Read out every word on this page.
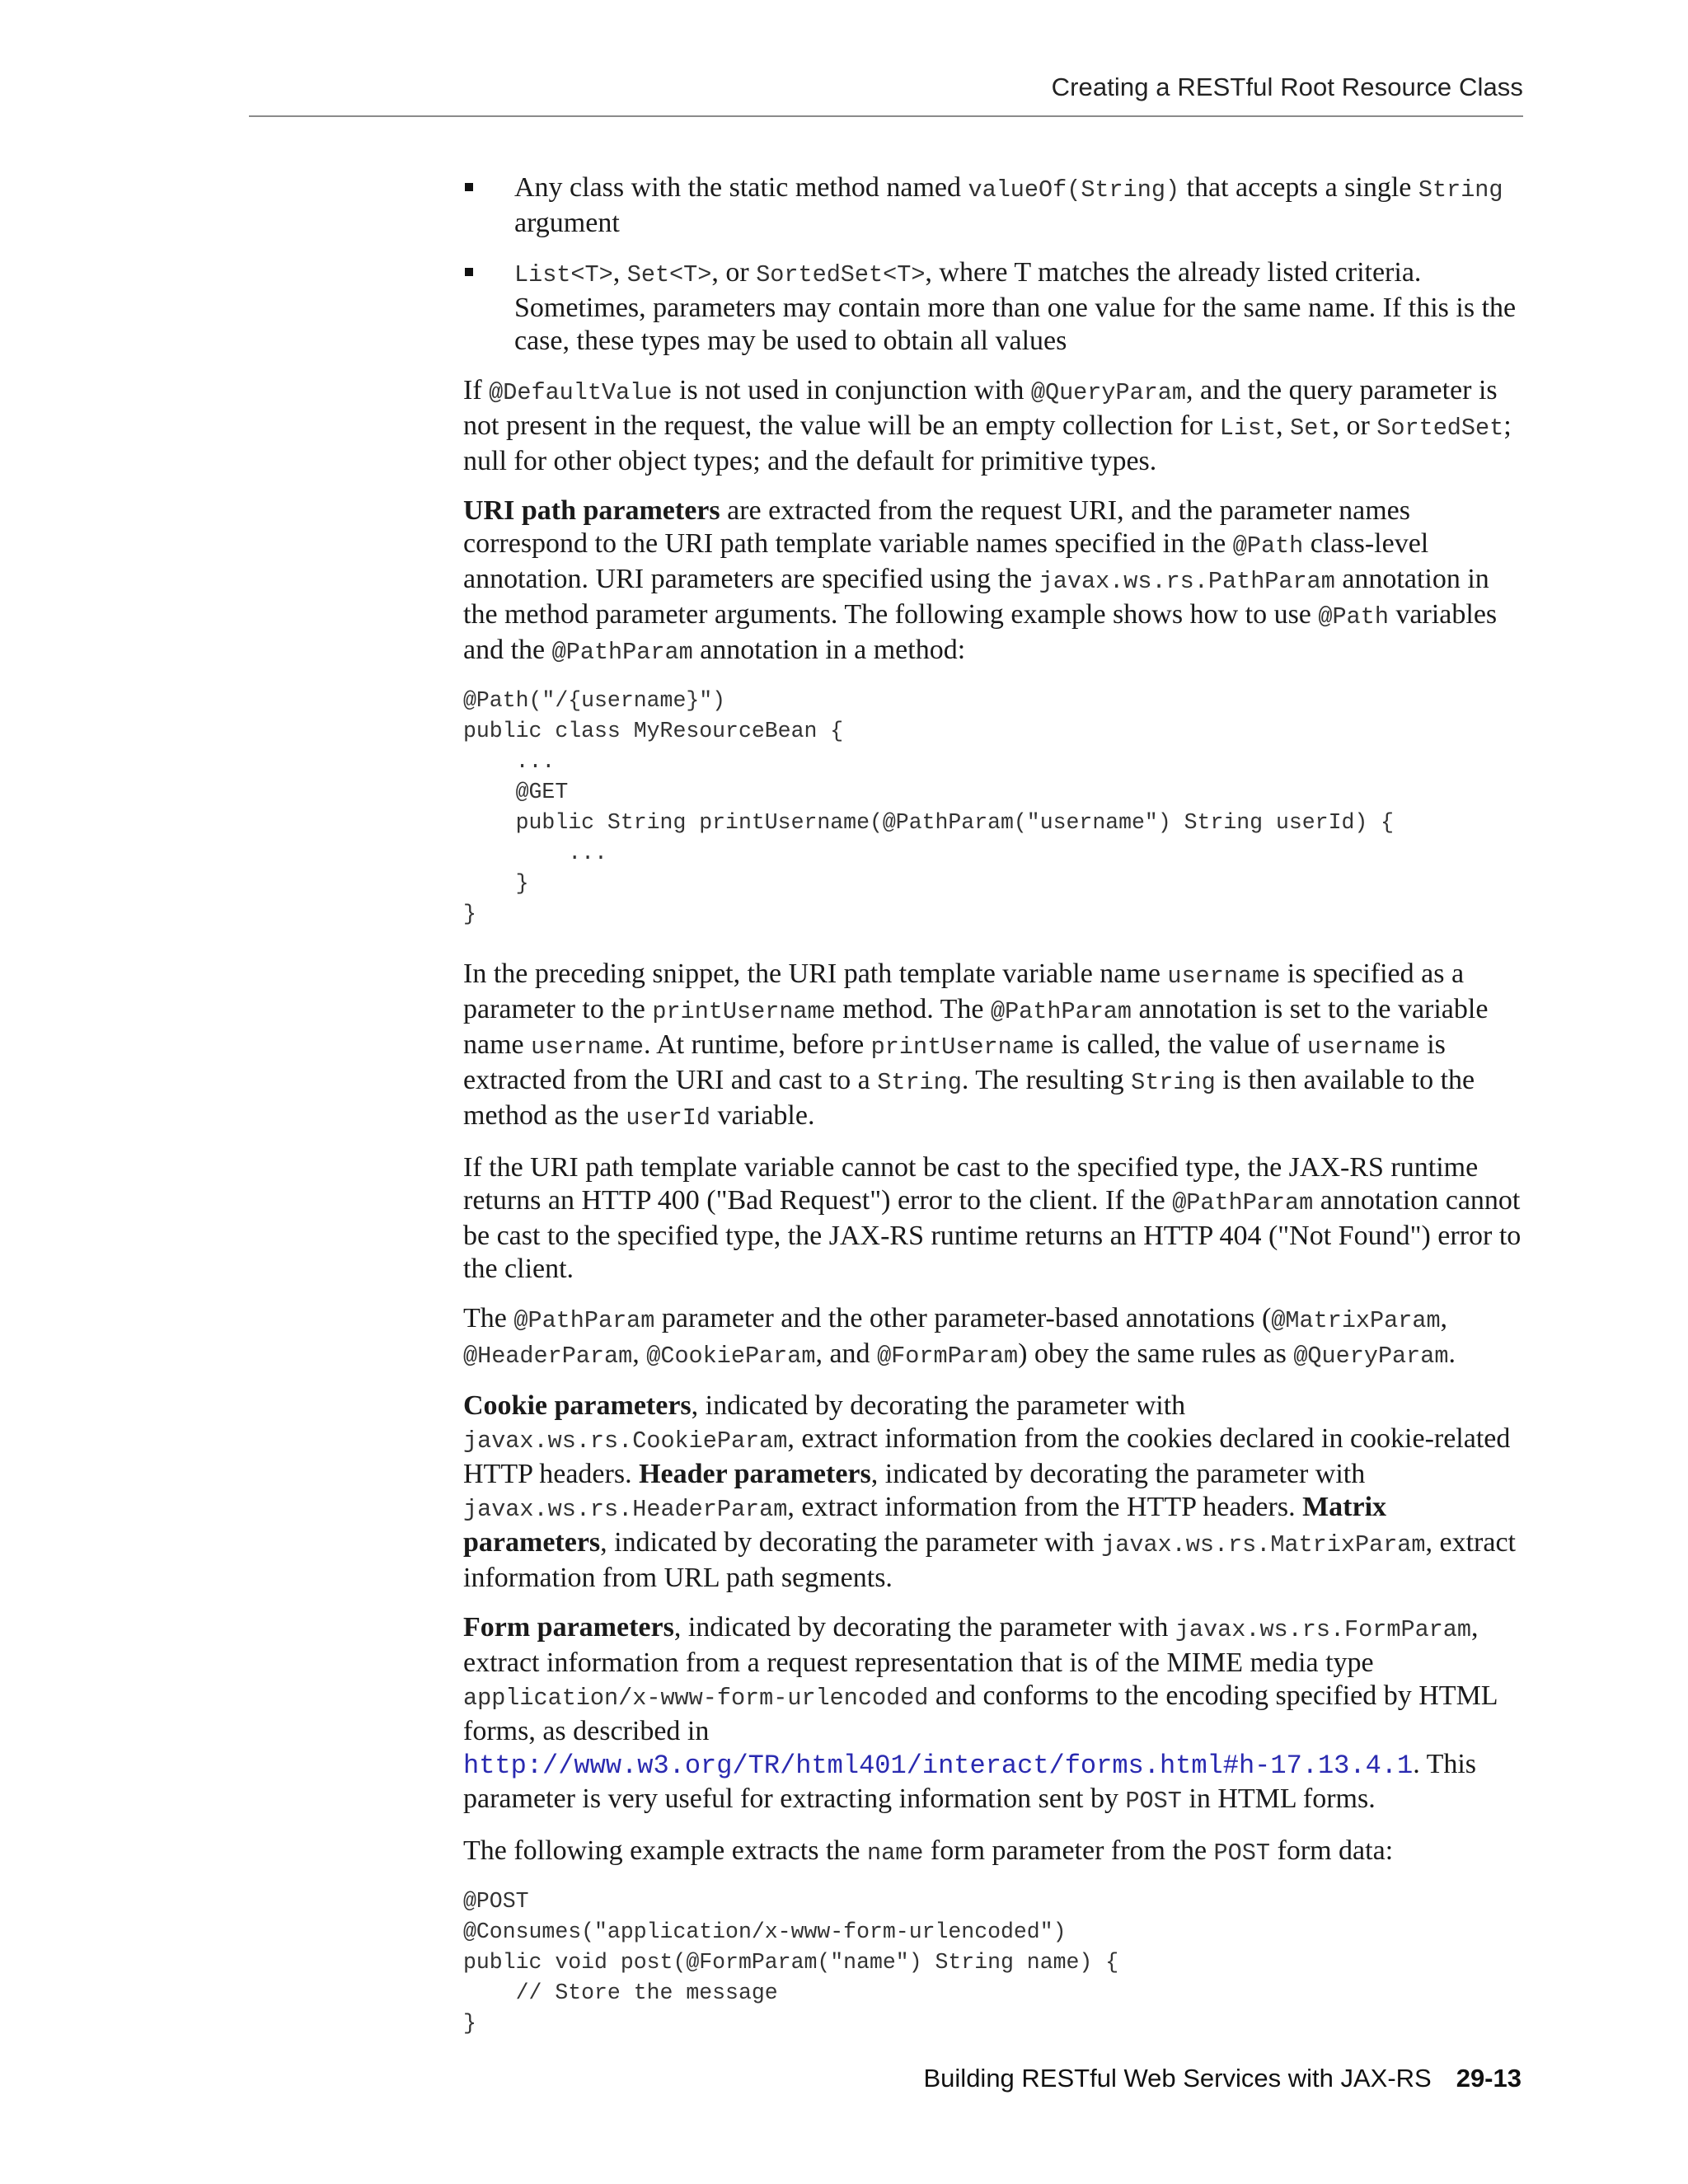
Creating a RESTful Root Resource Class
Any class with the static method named valueOf(String) that accepts a single String argument
List<T>, Set<T>, or SortedSet<T>, where T matches the already listed criteria. Sometimes, parameters may contain more than one value for the same name. If this is the case, these types may be used to obtain all values

If @DefaultValue is not used in conjunction with @QueryParam, and the query parameter is not present in the request, the value will be an empty collection for List, Set, or SortedSet; null for other object types; and the default for primitive types.

URI path parameters are extracted from the request URI, and the parameter names correspond to the URI path template variable names specified in the @Path class-level annotation. URI parameters are specified using the javax.ws.rs.PathParam annotation in the method parameter arguments. The following example shows how to use @Path variables and the @PathParam annotation in a method:

@Path("/{username}")
public class MyResourceBean {
...
@GET
public String printUsername(@PathParam("username") String userId) {
...
}
}

In the preceding snippet, the URI path template variable name username is specified as a parameter to the printUsername method. The @PathParam annotation is set to the variable name username. At runtime, before printUsername is called, the value of username is extracted from the URI and cast to a String. The resulting String is then available to the method as the userId variable.

If the URI path template variable cannot be cast to the specified type, the JAX-RS runtime returns an HTTP 400 ("Bad Request") error to the client. If the @PathParam annotation cannot be cast to the specified type, the JAX-RS runtime returns an HTTP 404 ("Not Found") error to the client.

The @PathParam parameter and the other parameter-based annotations (@MatrixParam, @HeaderParam, @CookieParam, and @FormParam) obey the same rules as @QueryParam.

Cookie parameters, indicated by decorating the parameter with javax.ws.rs.CookieParam, extract information from the cookies declared in cookie-related HTTP headers. Header parameters, indicated by decorating the parameter with javax.ws.rs.HeaderParam, extract information from the HTTP headers. Matrix parameters, indicated by decorating the parameter with javax.ws.rs.MatrixParam, extract information from URL path segments.

Form parameters, indicated by decorating the parameter with javax.ws.rs.FormParam, extract information from a request representation that is of the MIME media type application/x-www-form-urlencoded and conforms to the encoding specified by HTML forms, as described in http://www.w3.org/TR/html401/interact/forms.html#h-17.13.4.1. This parameter is very useful for extracting information sent by POST in HTML forms.

The following example extracts the name form parameter from the POST form data:

@POST
@Consumes("application/x-www-form-urlencoded")
public void post(@FormParam("name") String name) {
// Store the message
}
Building RESTful Web Services with JAX-RS 29-13
